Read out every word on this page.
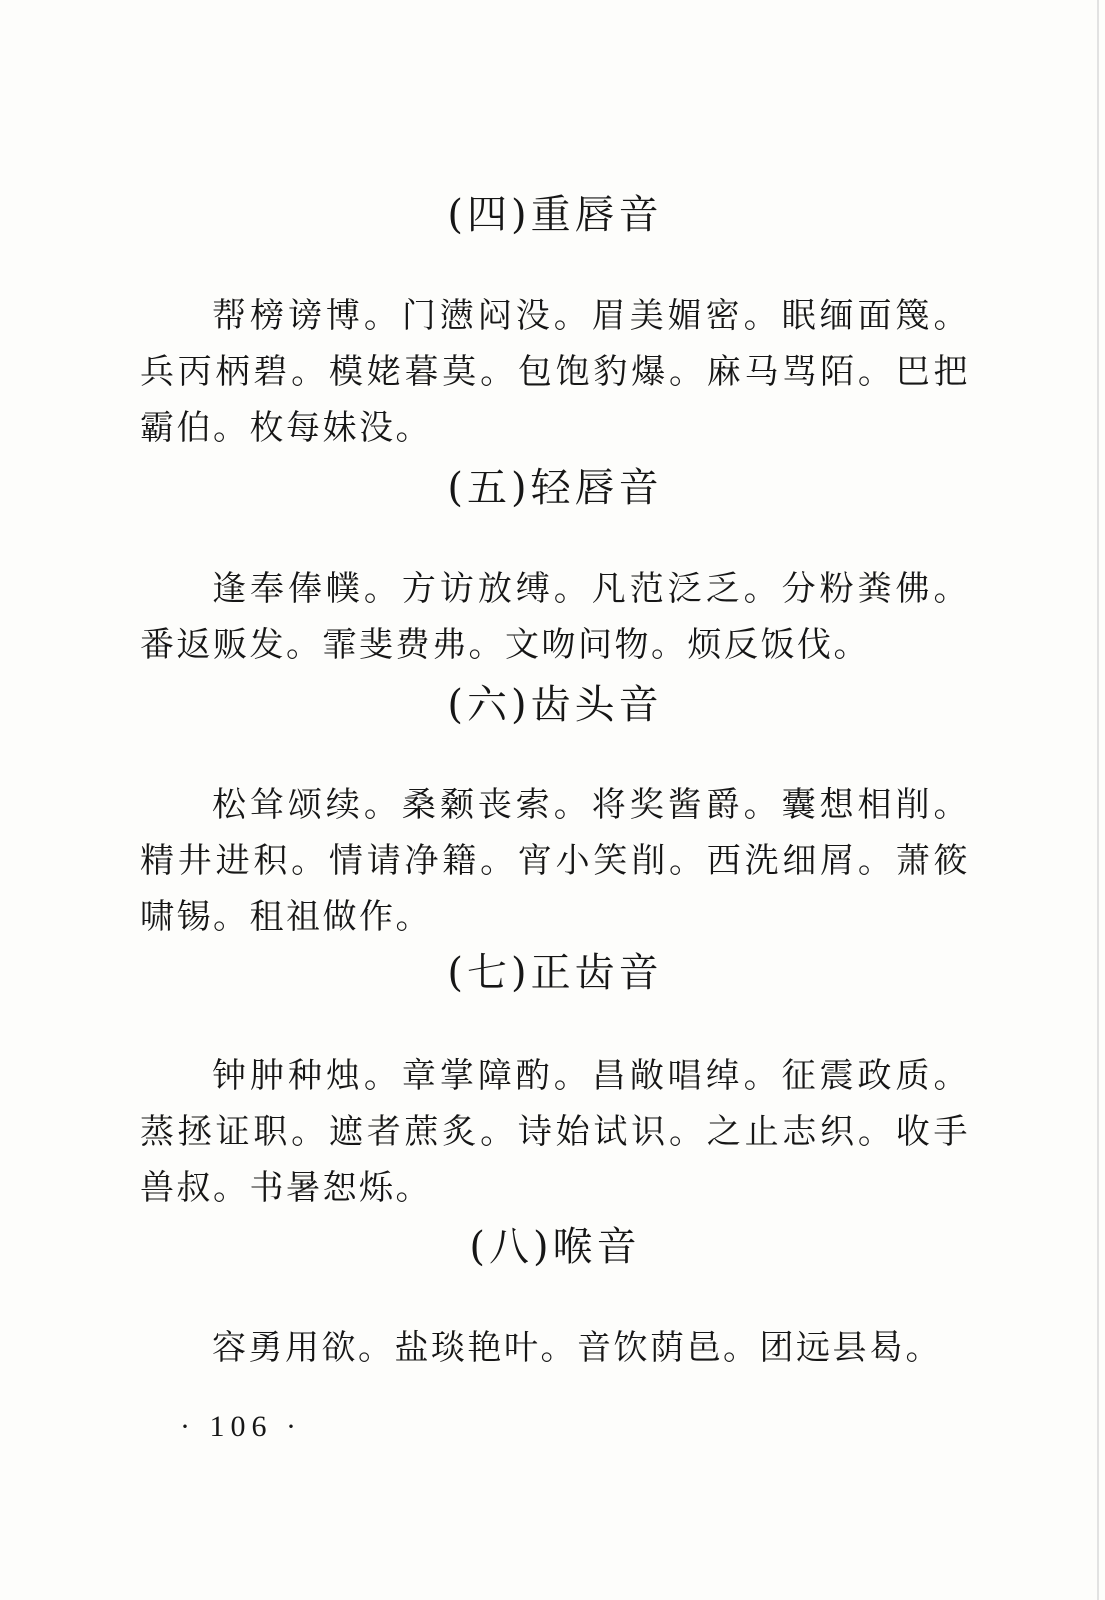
(四)重唇音

帮榜谤博。门懑闷没。眉美媚密。眠缅面篾。兵丙柄碧。模姥暮莫。包饱豹爆。麻马骂陌。巴把霸伯。枚每妹没。

(五)轻唇音

逢奉俸幞。方访放缚。凡范泛乏。分粉粪佛。番返贩发。霏斐费弗。文吻问物。烦反饭伐。

(六)齿头音

松耸颂续。桑颡丧索。将奖酱爵。囊想相削。精井进积。情请净籍。宵小笑削。西洗细屑。萧筱啸锡。租祖做作。

(七)正齿音

钟肿种烛。章掌障酌。昌敞唱绰。征震政质。蒸拯证职。遮者蔗炙。诗始试识。之止志织。收手兽叔。书暑恕烁。

(八)喉音

容勇用欲。盐琰艳叶。音饮荫邑。团远县曷。

· 106 ·
